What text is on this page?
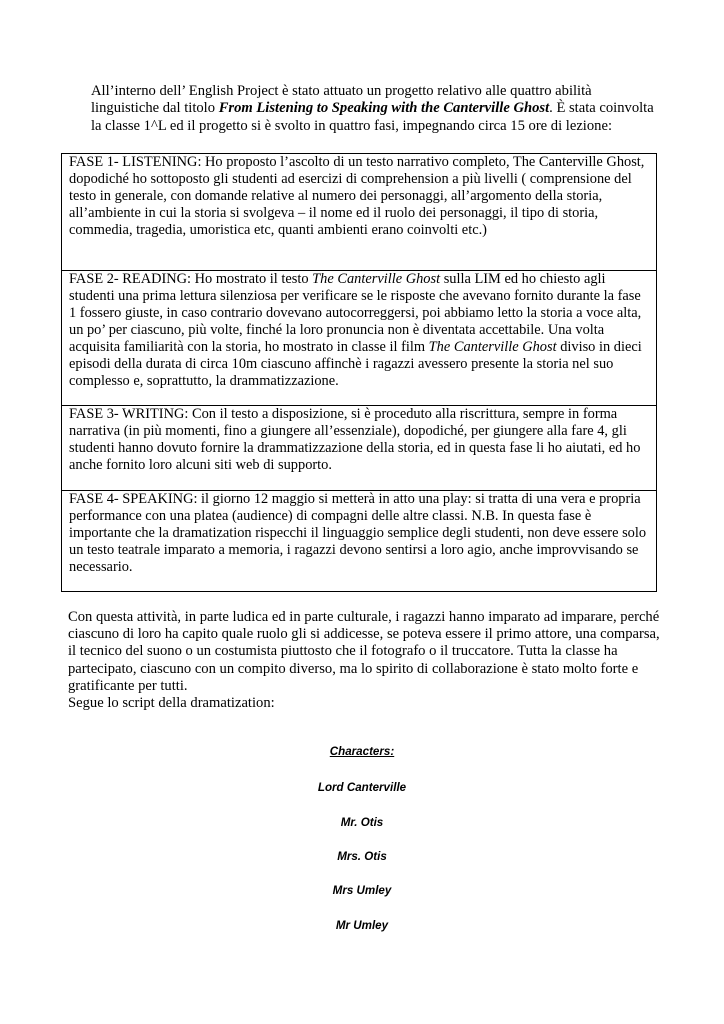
All’interno dell’ English Project è stato attuato un progetto relativo alle quattro abilità linguistiche dal titolo From Listening to Speaking with the Canterville Ghost. È stata coinvolta la classe 1^L ed il progetto si è svolto in quattro fasi, impegnando circa 15 ore di lezione:

FASE 1- LISTENING: Ho proposto l’ascolto di un testo narrativo completo, The Canterville Ghost, dopodiché ho sottoposto gli studenti ad esercizi di comprehension a più livelli ( comprensione del testo in generale, con domande relative al numero dei personaggi, all’argomento della storia, all’ambiente in cui la storia si svolgeva – il nome ed il ruolo dei personaggi, il tipo di storia, commedia, tragedia, umoristica etc, quanti ambienti erano coinvolti etc.)
FASE 2- READING: Ho mostrato il testo The Canterville Ghost sulla LIM ed ho chiesto agli studenti una prima lettura silenziosa per verificare se le risposte che avevano fornito durante la fase 1 fossero giuste, in caso contrario dovevano autocorreggersi, poi abbiamo letto la storia a voce alta, un po’ per ciascuno, più volte, finché la loro pronuncia non è diventata accettabile. Una volta acquisita familiarità con la storia, ho mostrato in classe il film The Canterville Ghost diviso in dieci episodi della durata di circa 10m ciascuno affinchè i ragazzi avessero presente la storia nel suo complesso e, soprattutto, la drammatizzazione.
FASE 3- WRITING: Con il testo a disposizione, si è proceduto alla riscrittura, sempre in forma narrativa (in più momenti, fino a giungere all’essenziale), dopodiché, per giungere alla fare 4, gli studenti hanno dovuto fornire la drammatizzazione della storia, ed in questa fase li ho aiutati, ed ho anche fornito loro alcuni siti web di supporto.
FASE 4- SPEAKING: il giorno 12 maggio si metterà in atto una play: si tratta di una vera e propria performance con una platea (audience) di compagni delle altre classi. N.B. In questa fase è importante che la dramatization rispecchi il linguaggio semplice degli studenti, non deve essere solo un testo teatrale imparato a memoria, i ragazzi devono sentirsi a loro agio, anche improvvisando se necessario.

Con questa attività, in parte ludica ed in parte culturale, i ragazzi hanno imparato ad imparare, perché ciascuno di loro ha capito quale ruolo gli si addicesse, se poteva essere il primo attore, una comparsa, il tecnico del suono o un costumista piuttosto che il fotografo o il truccatore. Tutta la classe ha partecipato, ciascuno con un compito diverso, ma lo spirito di collaborazione è stato molto forte e gratificante per tutti.
Segue lo script della dramatization:

Characters:

Lord Canterville

Mr. Otis

Mrs. Otis

Mrs Umley

Mr Umley
